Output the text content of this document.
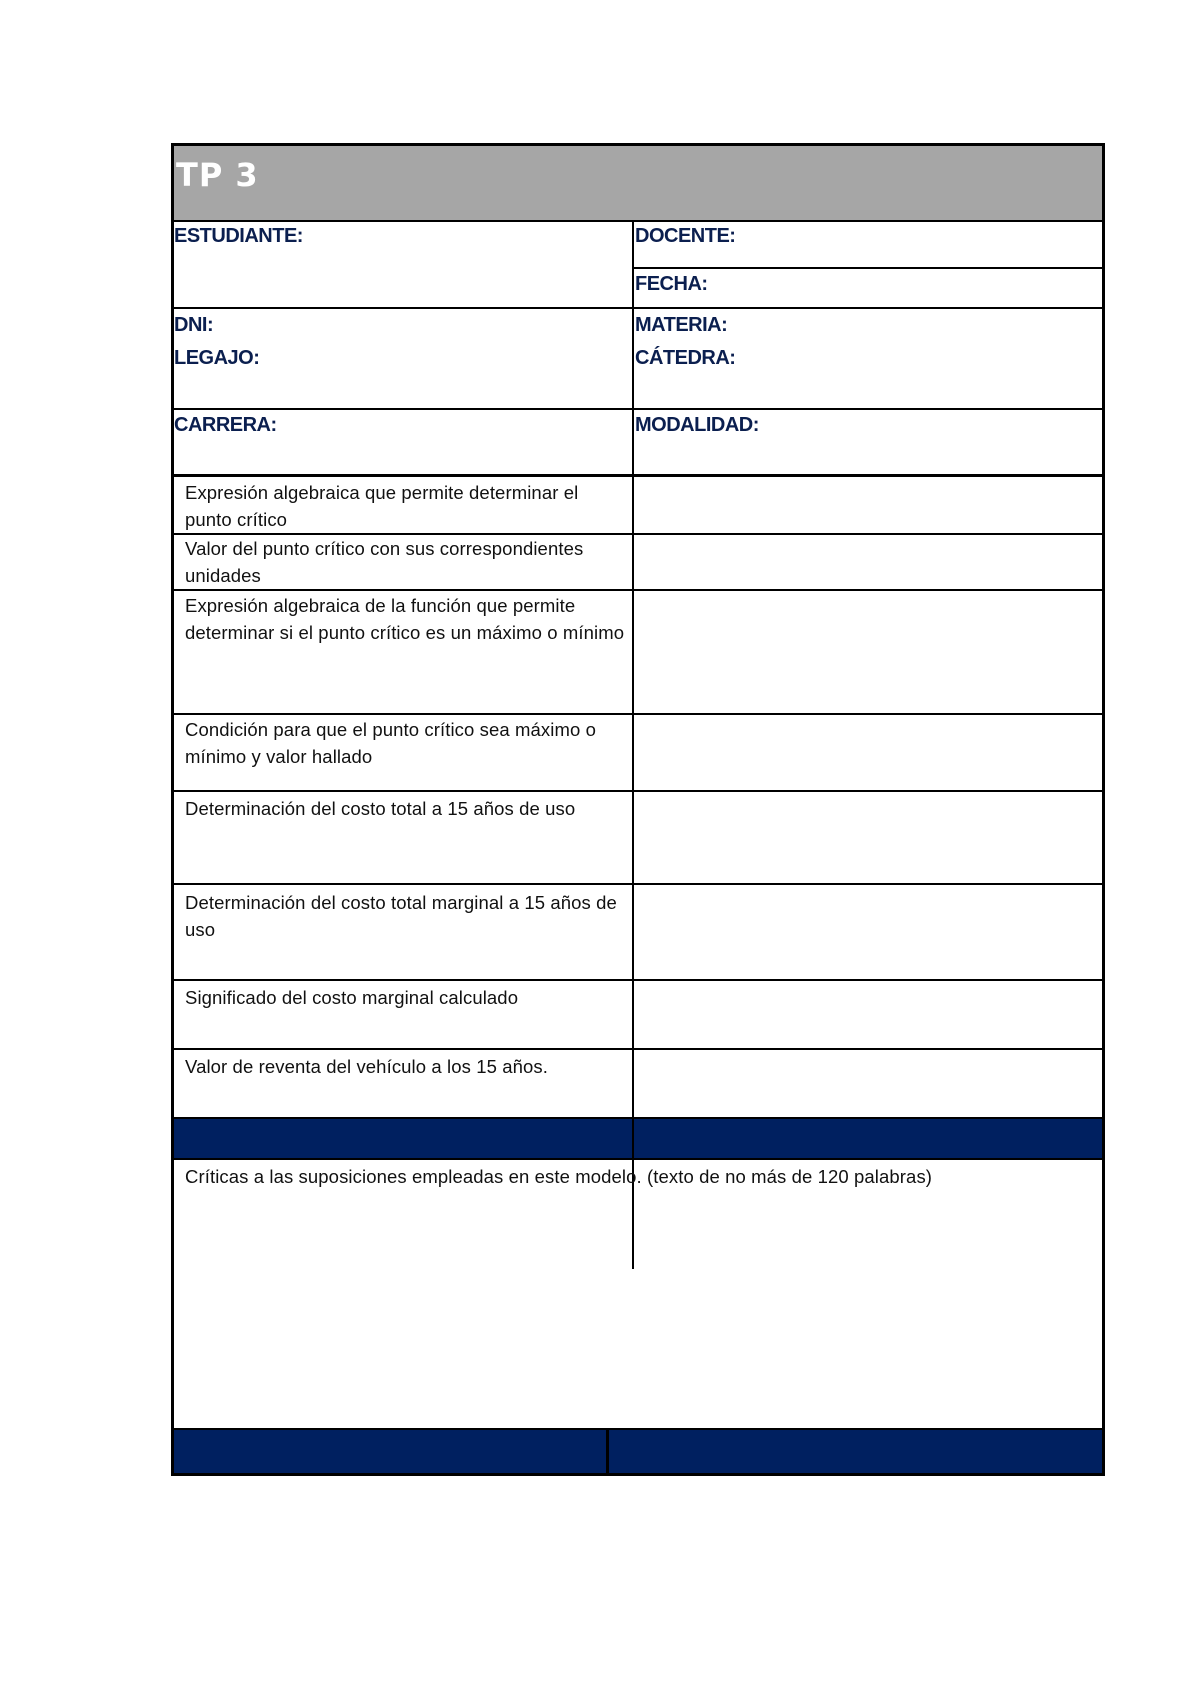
TP 3
ESTUDIANTE:	DOCENTE:
FECHA:
DNI:
LEGAJO:
MATERIA:
CÁTEDRA:
CARRERA:	MODALIDAD:
Expresión algebraica que permite determinar el punto crítico
Valor del punto crítico con sus correspondientes unidades
Expresión algebraica de la función que permite determinar si el punto crítico es un máximo o mínimo
Condición para que el punto crítico sea máximo o mínimo y valor hallado
Determinación del costo total a 15 años de uso
Determinación del costo total marginal a 15 años de uso
Significado del costo marginal calculado
Valor de reventa del vehículo a los 15 años.
Críticas a las suposiciones empleadas en este modelo. (texto de no más de 120 palabras)
